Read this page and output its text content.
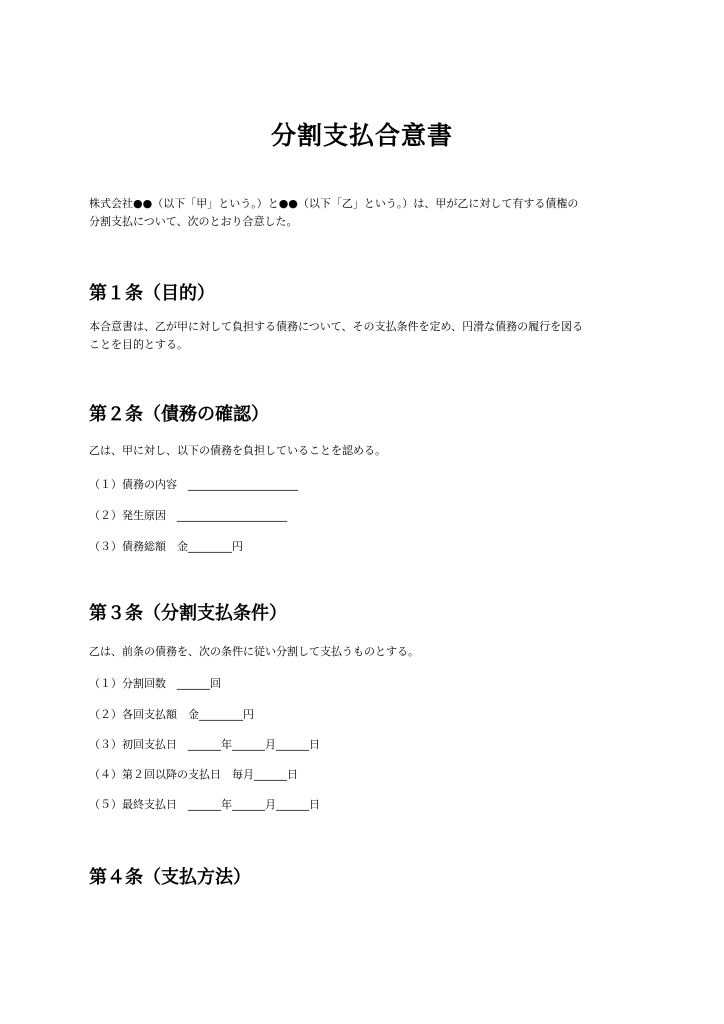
分割支払合意書

株式会社●●（以下「甲」という。）と●●（以下「乙」という。）は、甲が乙に対して有する債権の
分割支払について、次のとおり合意した。

第１条（目的）

本合意書は、乙が甲に対して負担する債務について、その支払条件を定め、円滑な債務の履行を図る
ことを目的とする。

第２条（債務の確認）

乙は、甲に対し、以下の債務を負担していることを認める。

（１）債務の内容　____________________

（２）発生原因　____________________

（３）債務総額　金________円

第３条（分割支払条件）

乙は、前条の債務を、次の条件に従い分割して支払うものとする。

（１）分割回数　______回

（２）各回支払額　金________円

（３）初回支払日　______年______月______日

（４）第２回以降の支払日　毎月______日

（５）最終支払日　______年______月______日

第４条（支払方法）
